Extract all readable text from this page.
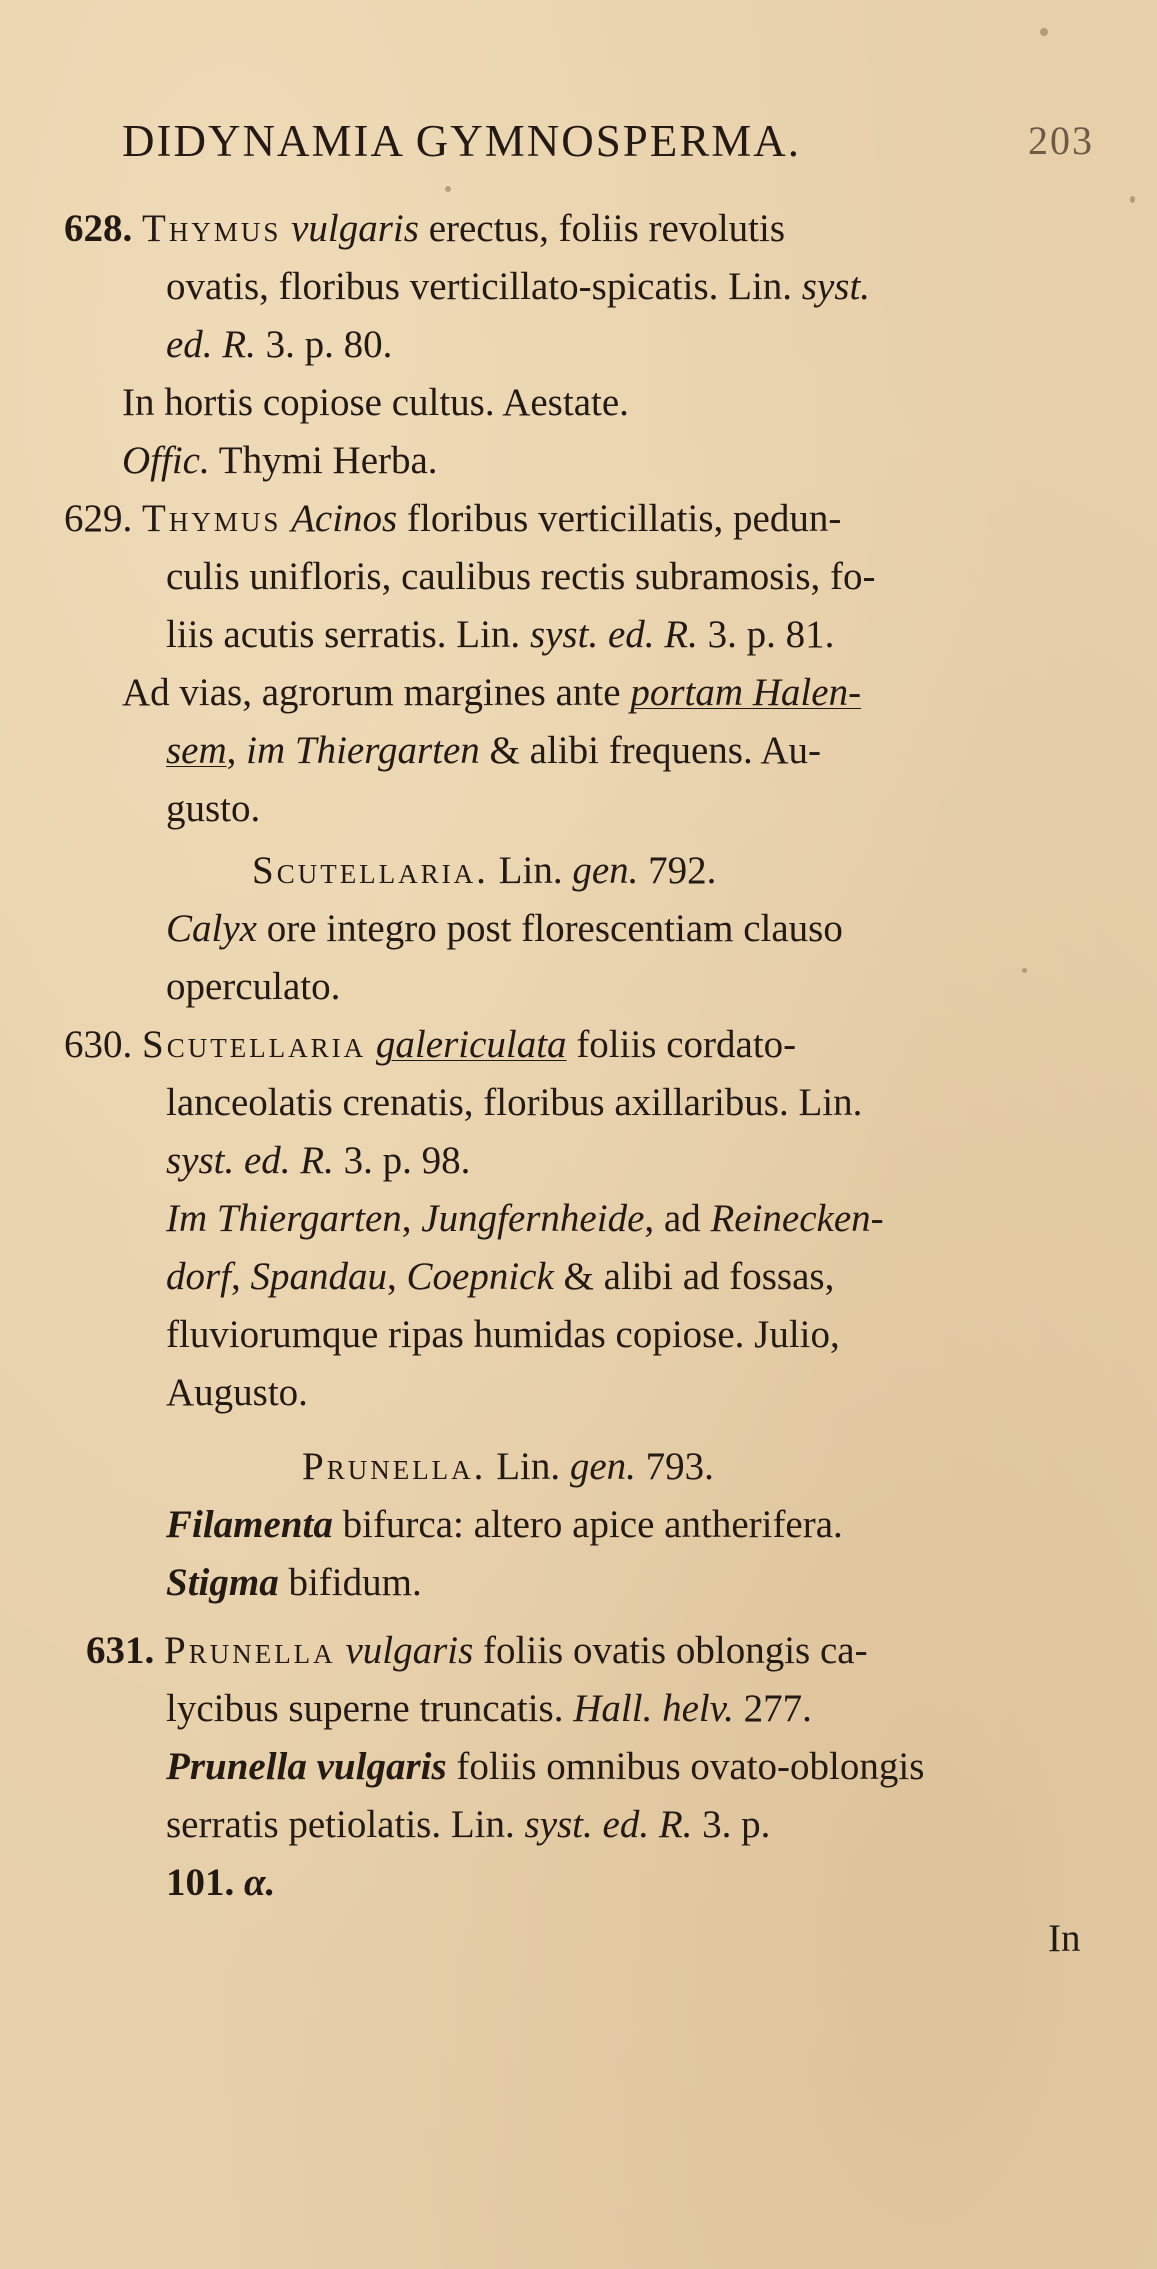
DIDYNAMIA GYMNOSPERMA.	203
628. Thymus vulgaris erectus, foliis revolutis
ovatis, floribus verticillato-spicatis. Lin. syst.
ed. R. 3. p. 80.
In hortis copiose cultus. Aestate.
Offic. Thymi Herba.
629. Thymus Acinos floribus verticillatis, pedun-
culis unifloris, caulibus rectis subramosis, fo-
liis acutis serratis. Lin. syst. ed. R. 3. p. 81.
Ad vias, agrorum margines ante portam Halen-
sem, im Thiergarten & alibi frequens. Au-
gusto.
Scutellaria. Lin. gen. 792.
Calyx ore integro post florescentiam clauso
operculato.
630. Scutellaria galericulata foliis cordato-
lanceolatis crenatis, floribus axillaribus. Lin.
syst. ed. R. 3. p. 98.
Im Thiergarten, Jungfernheide, ad Reinecken-
dorf, Spandau, Coepnick & alibi ad fossas,
fluviorumque ripas humidas copiose. Julio,
Augusto.
Prunella. Lin. gen. 793.
Filamenta bifurca: altero apice antherifera.
Stigma bifidum.
631. Prunella vulgaris foliis ovatis oblongis ca-
lycibus superne truncatis. Hall. helv. 277.
Prunella vulgaris foliis omnibus ovato-oblongis
serratis petiolatis. Lin. syst. ed. R. 3. p.
101. α.
In
